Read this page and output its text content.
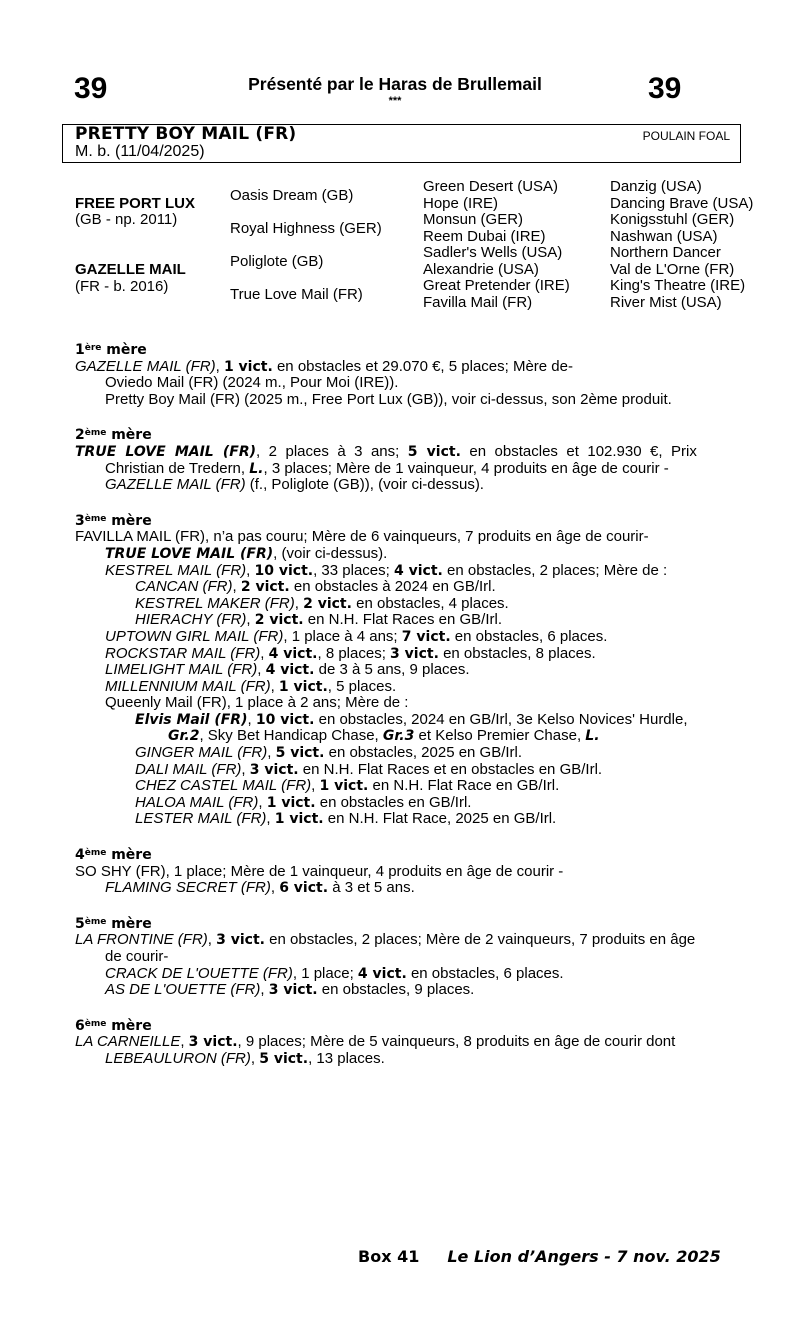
39	Présenté par le Haras de Brullemail
***	39
PRETTY BOY MAIL (FR)
M. b. (11/04/2025)
POULAIN FOAL
FREE PORT LUX
(GB - np. 2011)
GAZELLE MAIL
(FR - b. 2016)
Oasis Dream (GB)
Royal Highness (GER)
Poliglote (GB)
True Love Mail (FR)
Green Desert (USA)
Hope (IRE)
Monsun (GER)
Reem Dubai (IRE)
Sadler's Wells (USA)
Alexandrie (USA)
Great Pretender (IRE)
Favilla Mail (FR)
Danzig (USA)
Dancing Brave (USA)
Konigsstuhl (GER)
Nashwan (USA)
Northern Dancer
Val de L'Orne (FR)
King's Theatre (IRE)
River Mist (USA)
1ère mère
GAZELLE MAIL (FR), 1 vict. en obstacles et 29.070 €, 5 places; Mère de-
Oviedo Mail (FR) (2024 m., Pour Moi (IRE)).
Pretty Boy Mail (FR) (2025 m., Free Port Lux (GB)), voir ci-dessus, son 2ème produit.
2ème mère
TRUE LOVE MAIL (FR), 2 places à 3 ans; 5 vict. en obstacles et 102.930 €, Prix
Christian de Tredern, L., 3 places; Mère de 1 vainqueur, 4 produits en âge de courir -
GAZELLE MAIL (FR) (f., Poliglote (GB)), (voir ci-dessus).
3ème mère
FAVILLA MAIL (FR), n’a pas couru; Mère de 6 vainqueurs, 7 produits en âge de courir-
TRUE LOVE MAIL (FR), (voir ci-dessus).
KESTREL MAIL (FR), 10 vict., 33 places; 4 vict. en obstacles, 2 places; Mère de :
CANCAN (FR), 2 vict. en obstacles à 2024 en GB/Irl.
KESTREL MAKER (FR), 2 vict. en obstacles, 4 places.
HIERACHY (FR), 2 vict. en N.H. Flat Races en GB/Irl.
UPTOWN GIRL MAIL (FR), 1 place à 4 ans; 7 vict. en obstacles, 6 places.
ROCKSTAR MAIL (FR), 4 vict., 8 places; 3 vict. en obstacles, 8 places.
LIMELIGHT MAIL (FR), 4 vict. de 3 à 5 ans, 9 places.
MILLENNIUM MAIL (FR), 1 vict., 5 places.
Queenly Mail (FR), 1 place à 2 ans; Mère de :
Elvis Mail (FR), 10 vict. en obstacles, 2024 en GB/Irl, 3e Kelso Novices' Hurdle,
Gr.2, Sky Bet Handicap Chase, Gr.3 et Kelso Premier Chase, L.
GINGER MAIL (FR), 5 vict. en obstacles, 2025 en GB/Irl.
DALI MAIL (FR), 3 vict. en N.H. Flat Races et en obstacles en GB/Irl.
CHEZ CASTEL MAIL (FR), 1 vict. en N.H. Flat Race en GB/Irl.
HALOA MAIL (FR), 1 vict. en obstacles en GB/Irl.
LESTER MAIL (FR), 1 vict. en N.H. Flat Race, 2025 en GB/Irl.
4ème mère
SO SHY (FR), 1 place; Mère de 1 vainqueur, 4 produits en âge de courir -
FLAMING SECRET (FR), 6 vict. à 3 et 5 ans.
5ème mère
LA FRONTINE (FR), 3 vict. en obstacles, 2 places; Mère de 2 vainqueurs, 7 produits en âge
de courir-
CRACK DE L'OUETTE (FR), 1 place; 4 vict. en obstacles, 6 places.
AS DE L'OUETTE (FR), 3 vict. en obstacles, 9 places.
6ème mère
LA CARNEILLE, 3 vict., 9 places; Mère de 5 vainqueurs, 8 produits en âge de courir dont
LEBEAULURON (FR), 5 vict., 13 places.
Box 41 Le Lion d’Angers - 7 nov. 2025
